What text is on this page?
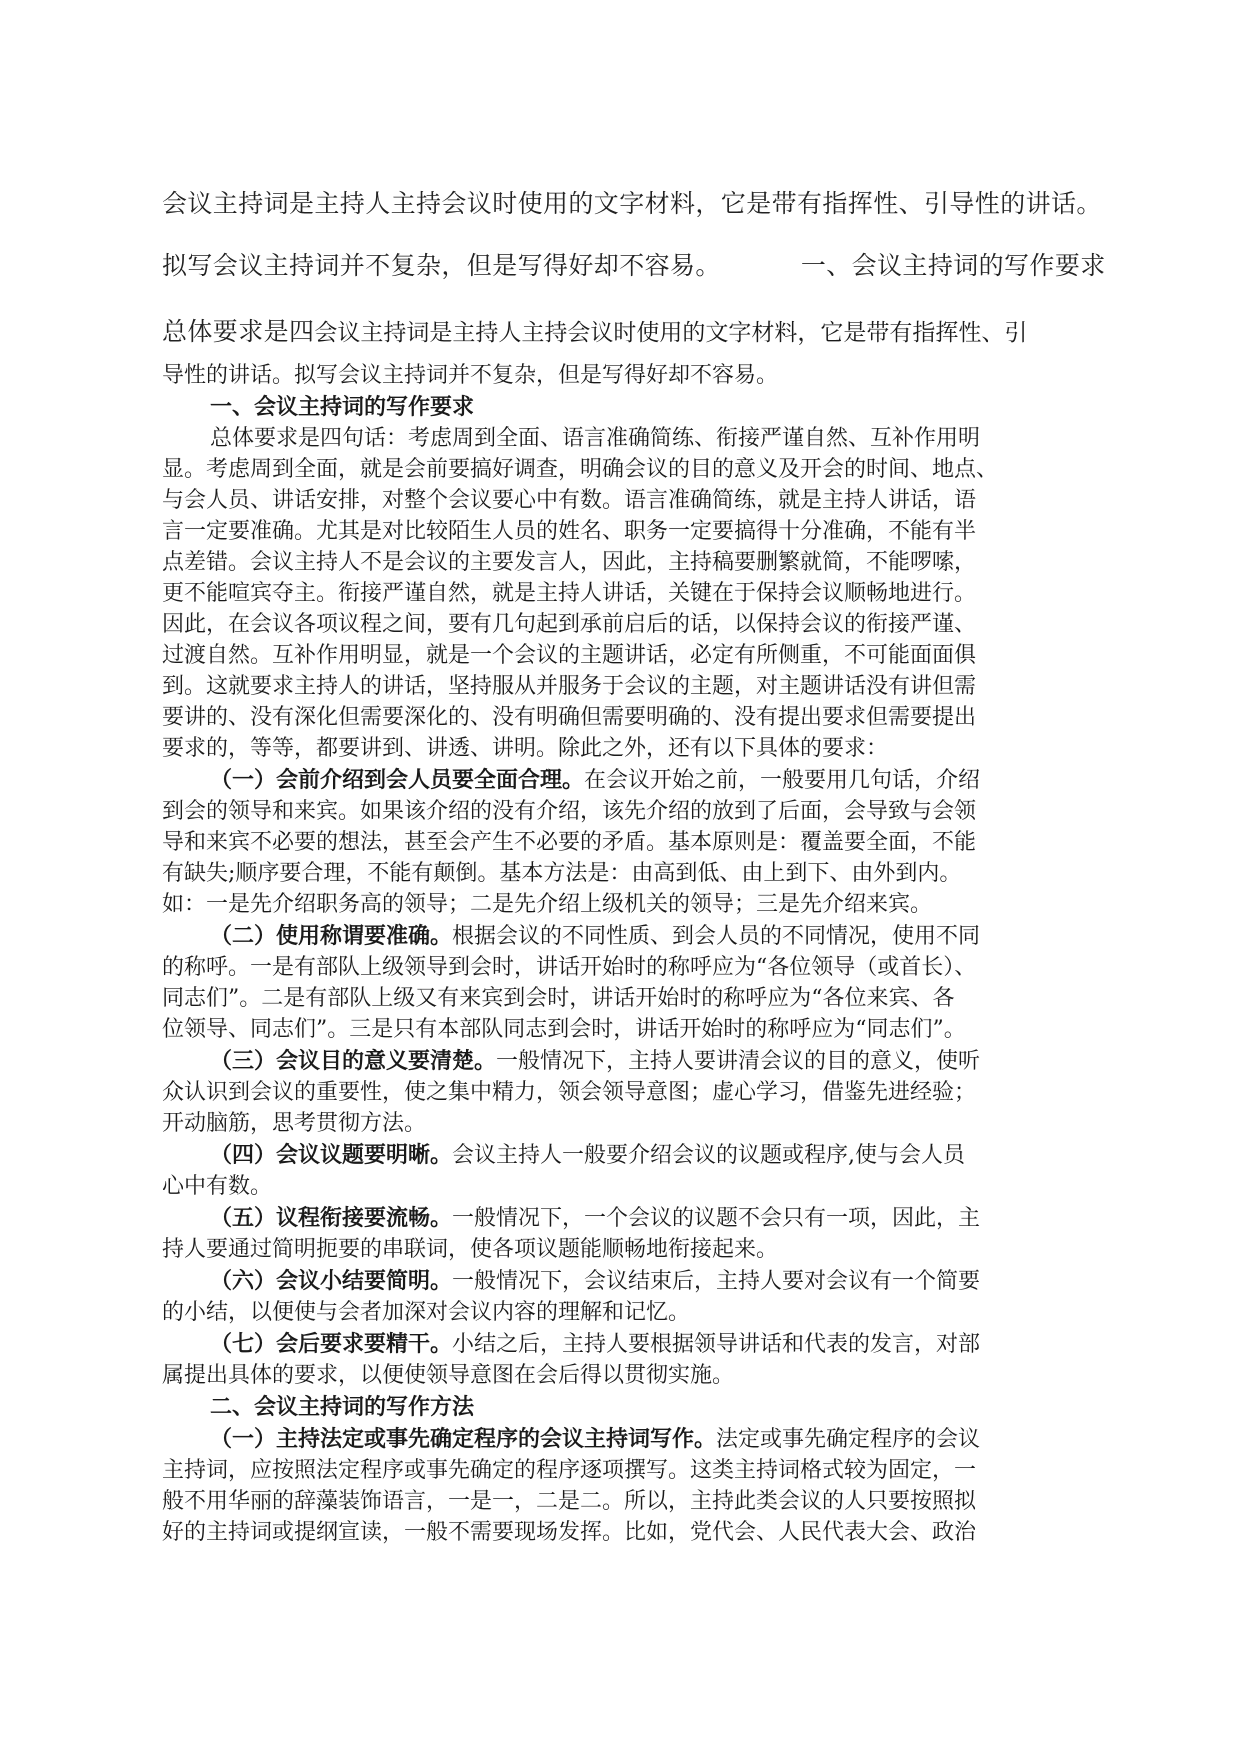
会议主持词是主持人主持会议时使用的文字材料，它是带有指挥性、引导性的讲话。

拟写会议主持词并不复杂，但是写得好却不容易。	一、会议主持词的写作要求

总体要求是四会议主持词是主持人主持会议时使用的文字材料，它是带有指挥性、引

导性的讲话。拟写会议主持词并不复杂，但是写得好却不容易。

一、会议主持词的写作要求

总体要求是四句话：考虑周到全面、语言准确简练、衔接严谨自然、互补作用明

显。考虑周到全面，就是会前要搞好调查，明确会议的目的意义及开会的时间、地点、

与会人员、讲话安排，对整个会议要心中有数。语言准确简练，就是主持人讲话，语

言一定要准确。尤其是对比较陌生人员的姓名、职务一定要搞得十分准确，不能有半

点差错。会议主持人不是会议的主要发言人，因此，主持稿要删繁就简，不能啰嗦，

更不能喧宾夺主。衔接严谨自然，就是主持人讲话，关键在于保持会议顺畅地进行。

因此，在会议各项议程之间，要有几句起到承前启后的话，以保持会议的衔接严谨、

过渡自然。互补作用明显，就是一个会议的主题讲话，必定有所侧重，不可能面面俱

到。这就要求主持人的讲话，坚持服从并服务于会议的主题，对主题讲话没有讲但需

要讲的、没有深化但需要深化的、没有明确但需要明确的、没有提出要求但需要提出

要求的，等等，都要讲到、讲透、讲明。除此之外，还有以下具体的要求：

（一）会前介绍到会人员要全面合理。在会议开始之前，一般要用几句话，介绍

到会的领导和来宾。如果该介绍的没有介绍，该先介绍的放到了后面，会导致与会领

导和来宾不必要的想法，甚至会产生不必要的矛盾。基本原则是：覆盖要全面，不能

有缺失;顺序要合理，不能有颠倒。基本方法是：由高到低、由上到下、由外到内。

如：一是先介绍职务高的领导；二是先介绍上级机关的领导；三是先介绍来宾。

（二）使用称谓要准确。根据会议的不同性质、到会人员的不同情况，使用不同

的称呼。一是有部队上级领导到会时，讲话开始时的称呼应为“各位领导（或首长）、

同志们”。二是有部队上级又有来宾到会时，讲话开始时的称呼应为“各位来宾、各

位领导、同志们”。三是只有本部队同志到会时，讲话开始时的称呼应为“同志们”。

（三）会议目的意义要清楚。一般情况下，主持人要讲清会议的目的意义，使听

众认识到会议的重要性，使之集中精力，领会领导意图；虚心学习，借鉴先进经验；

开动脑筋，思考贯彻方法。

（四）会议议题要明晰。会议主持人一般要介绍会议的议题或程序,使与会人员

心中有数。

（五）议程衔接要流畅。一般情况下，一个会议的议题不会只有一项，因此，主

持人要通过简明扼要的串联词，使各项议题能顺畅地衔接起来。

（六）会议小结要简明。一般情况下，会议结束后，主持人要对会议有一个简要

的小结，以便使与会者加深对会议内容的理解和记忆。

（七）会后要求要精干。小结之后，主持人要根据领导讲话和代表的发言，对部

属提出具体的要求，以便使领导意图在会后得以贯彻实施。

二、会议主持词的写作方法

（一）主持法定或事先确定程序的会议主持词写作。法定或事先确定程序的会议

主持词，应按照法定程序或事先确定的程序逐项撰写。这类主持词格式较为固定，一

般不用华丽的辞藻装饰语言，一是一，二是二。所以，主持此类会议的人只要按照拟

好的主持词或提纲宣读，一般不需要现场发挥。比如，党代会、人民代表大会、政治
